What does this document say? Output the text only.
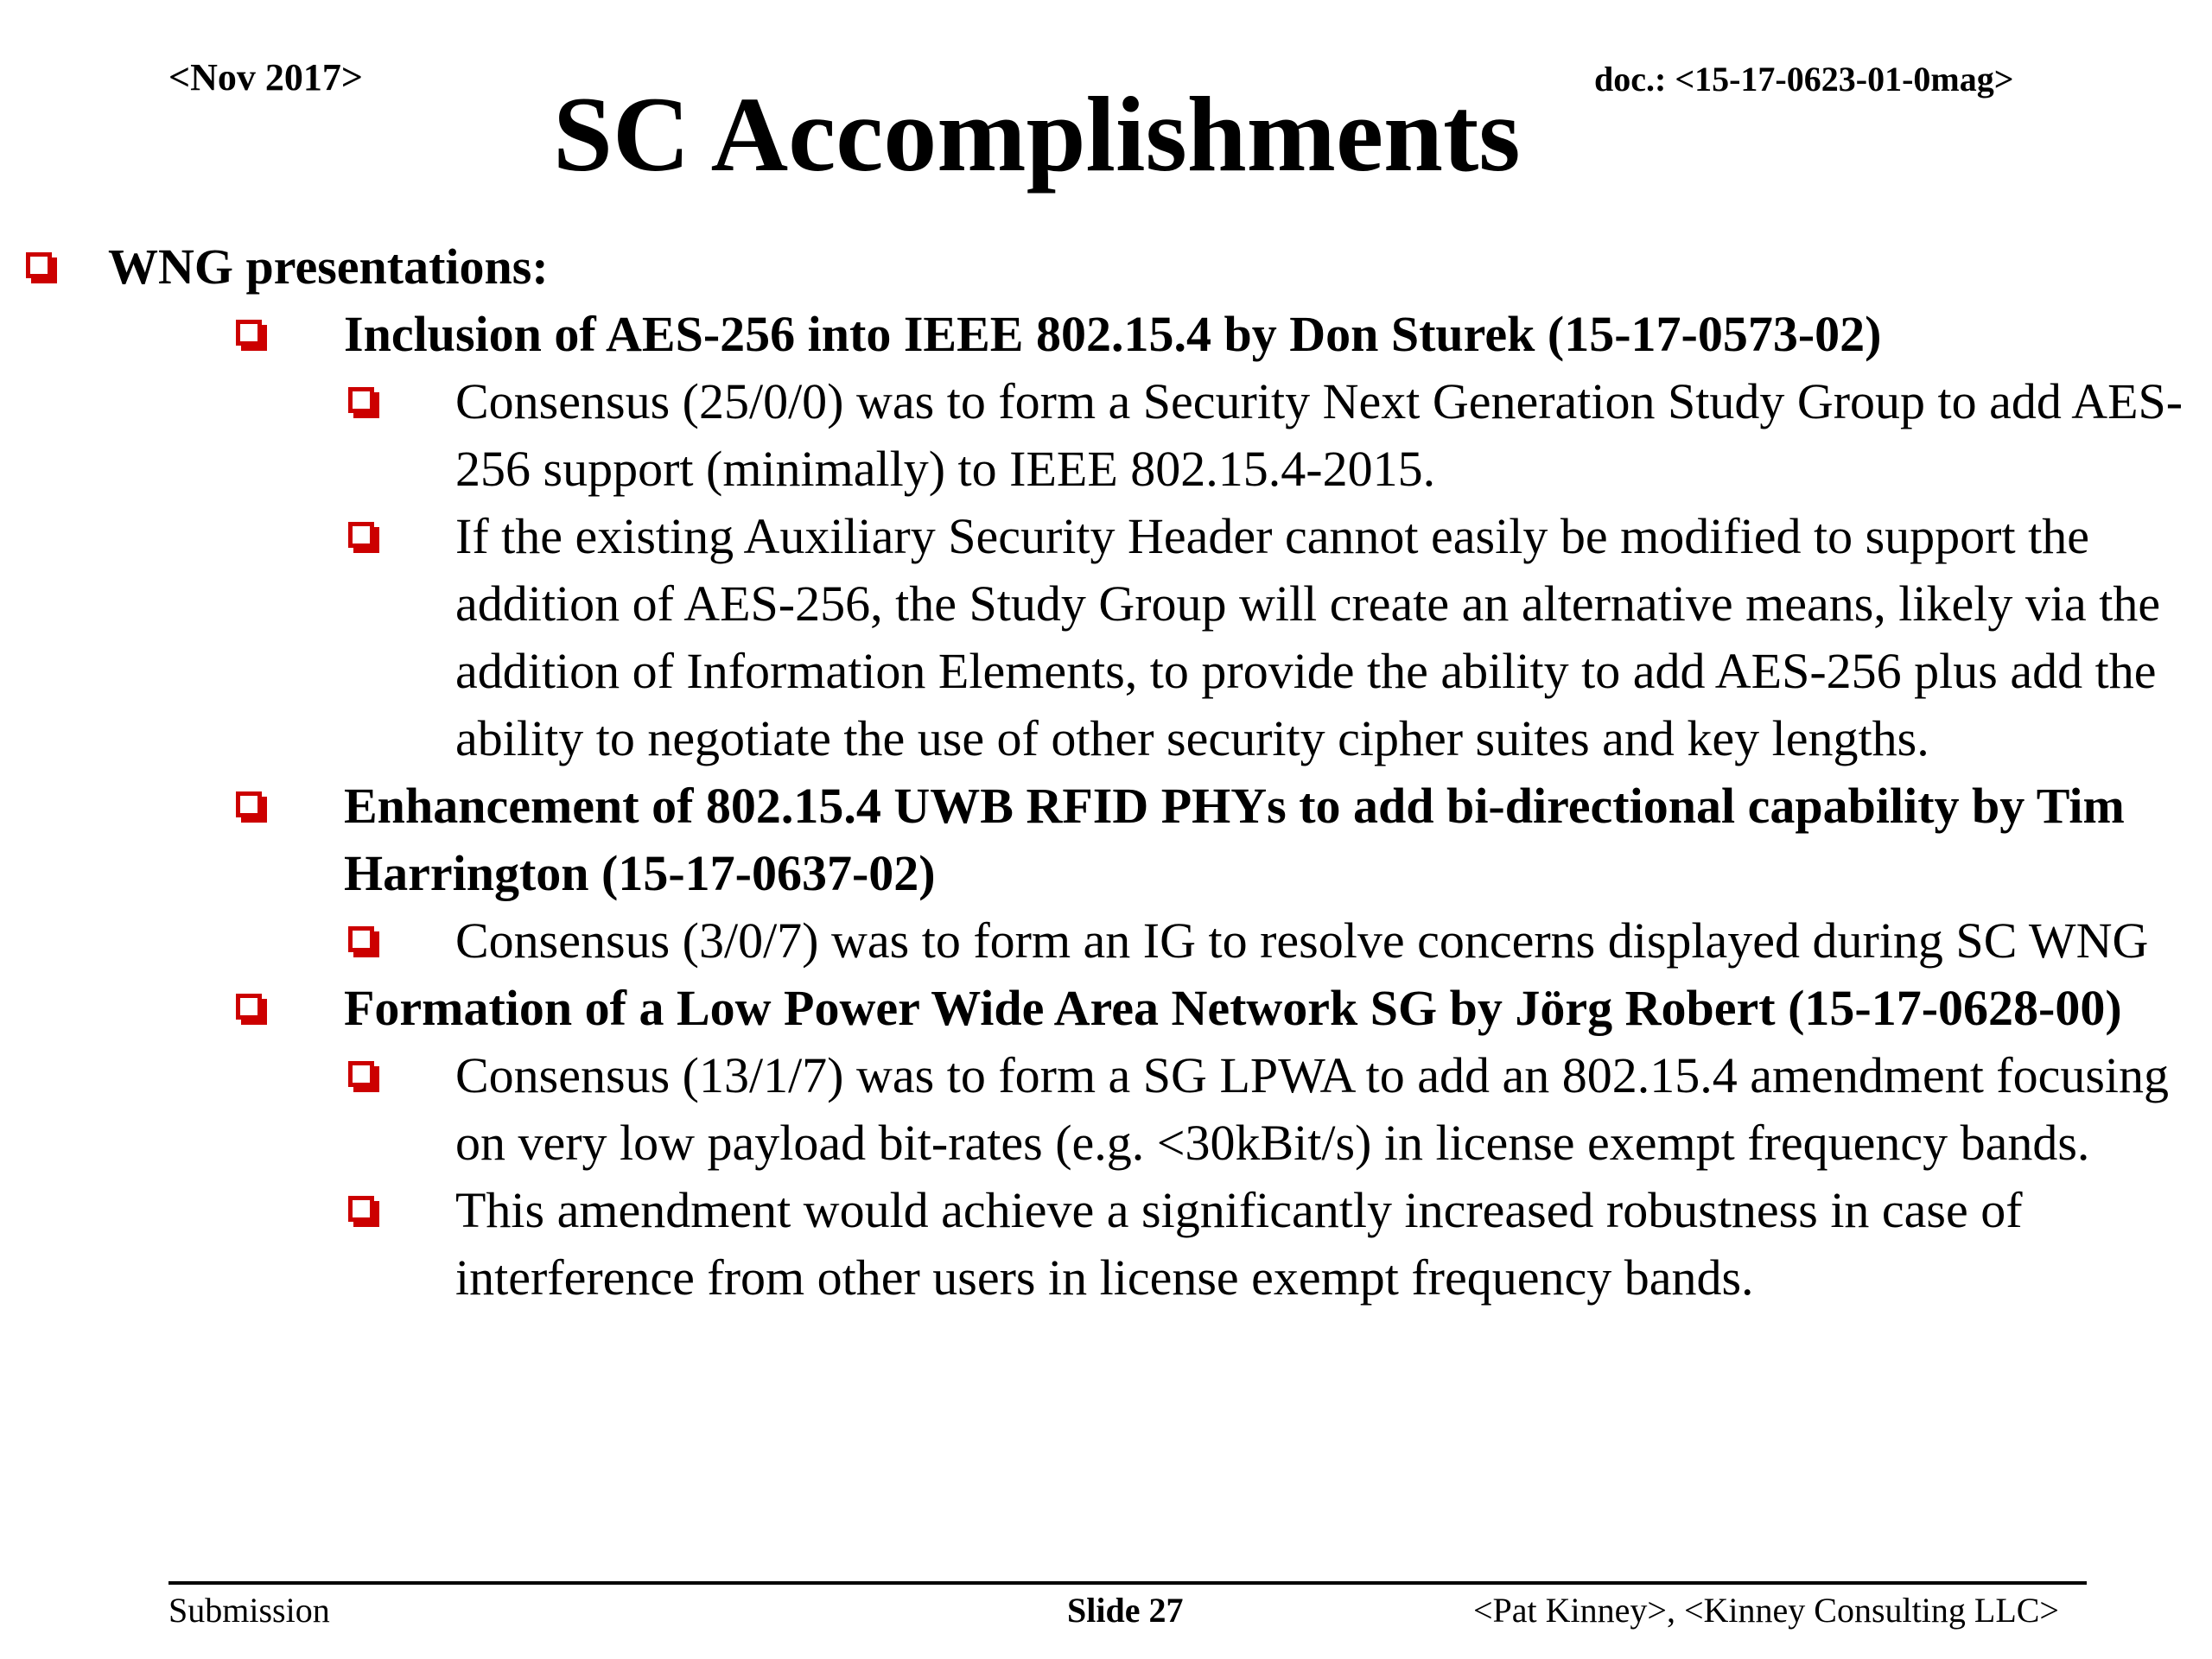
<Nov 2017>	doc.: <15-17-0623-01-0mag>
SC Accomplishments
WNG presentations:
Inclusion of AES-256 into IEEE 802.15.4 by Don Sturek (15-17-0573-02)
Consensus (25/0/0) was to form a Security Next Generation Study Group to add AES-256 support (minimally) to IEEE 802.15.4-2015.
If the existing Auxiliary Security Header cannot easily be modified to support the addition of AES-256, the Study Group will create an alternative means, likely via the addition of Information Elements, to provide the ability to add AES-256 plus add the ability to negotiate the use of other security cipher suites and key lengths.
Enhancement of 802.15.4 UWB RFID PHYs to add bi-directional capability by Tim Harrington (15-17-0637-02)
Consensus (3/0/7) was to form an IG to resolve concerns displayed during SC WNG
Formation of a Low Power Wide Area Network SG by Jörg Robert (15-17-0628-00)
Consensus (13/1/7) was to form a SG LPWA to add an 802.15.4 amendment focusing on very low payload bit-rates (e.g. <30kBit/s) in license exempt frequency bands.
This amendment would achieve a significantly increased robustness in case of interference from other users in license exempt frequency bands.
Submission	Slide 27	<Pat Kinney>, <Kinney Consulting LLC>
